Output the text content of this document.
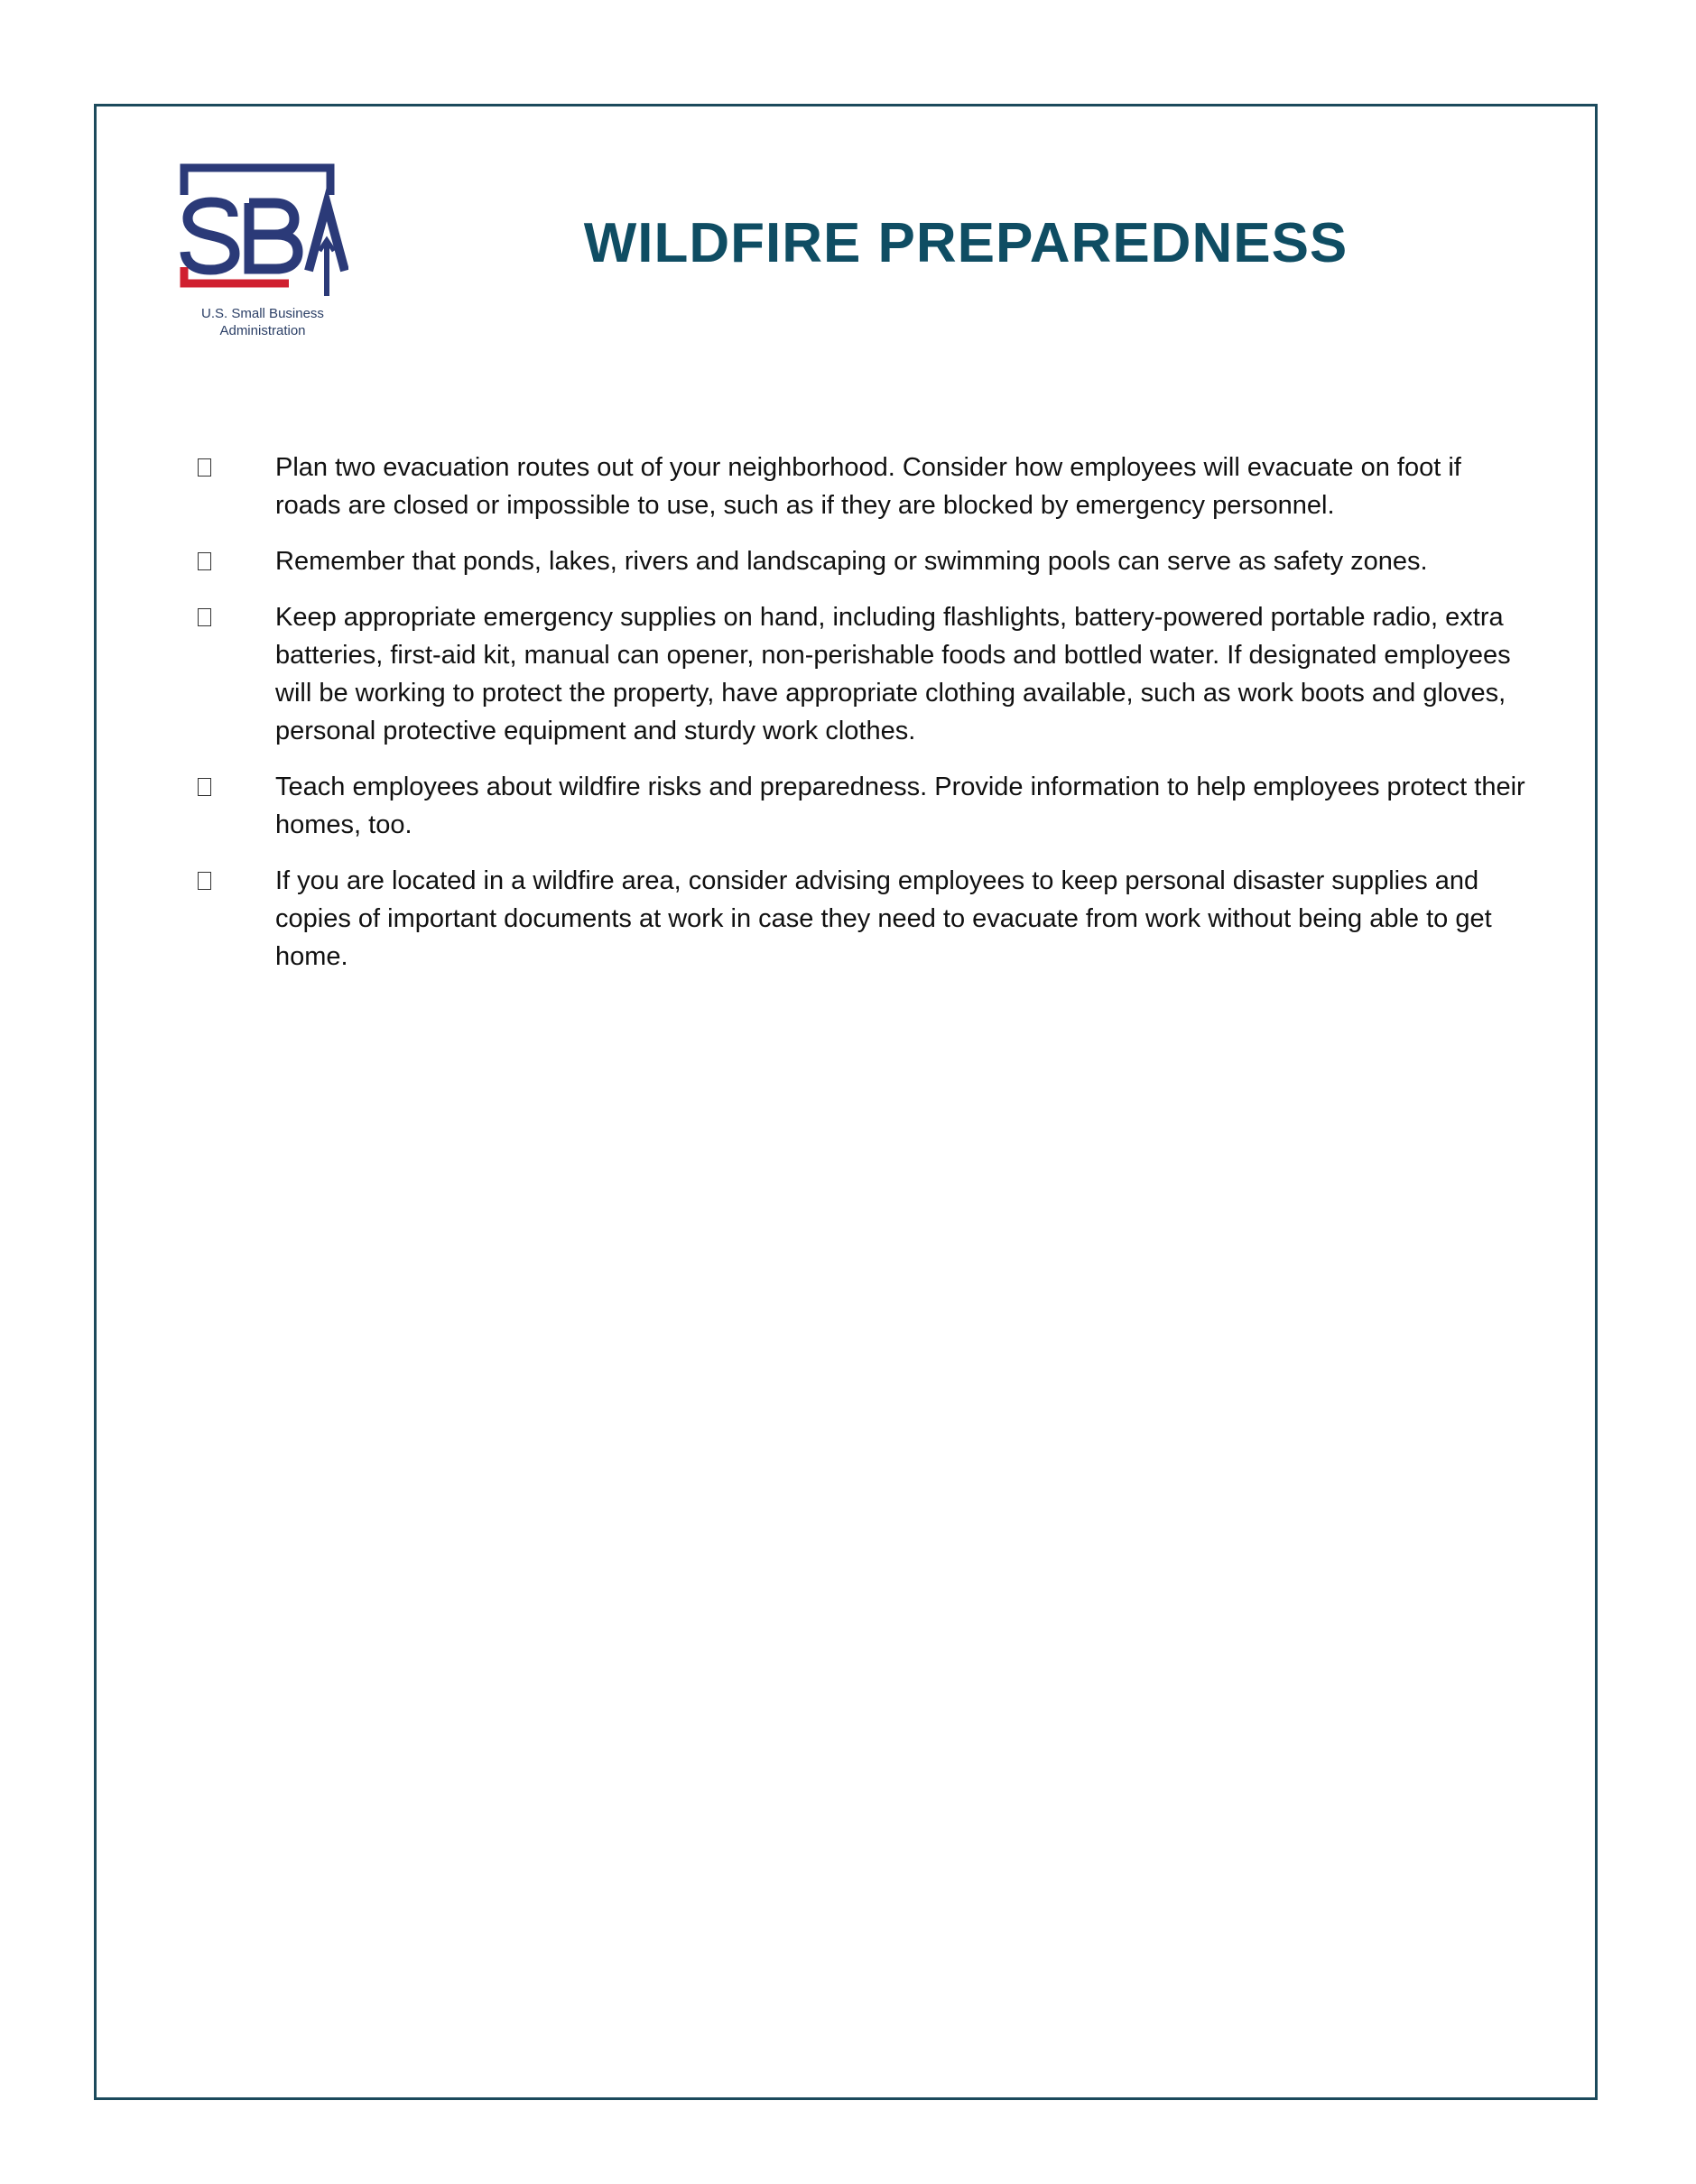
U.S. Small Business
Administration
WILDFIRE PREPAREDNESS
Plan two evacuation routes out of your neighborhood. Consider how employees will evacuate on foot if roads are closed or impossible to use, such as if they are blocked by emergency personnel.
Remember that ponds, lakes, rivers and landscaping or swimming pools can serve as safety zones.
Keep appropriate emergency supplies on hand, including flashlights, battery-powered portable radio, extra batteries, first-aid kit, manual can opener, non-perishable foods and bottled water. If designated employees will be working to protect the property, have appropriate clothing available, such as work boots and gloves, personal protective equipment and sturdy work clothes.
Teach employees about wildfire risks and preparedness. Provide information to help employees protect their homes, too.
If you are located in a wildfire area, consider advising employees to keep personal disaster supplies and copies of important documents at work in case they need to evacuate from work without being able to get home.
